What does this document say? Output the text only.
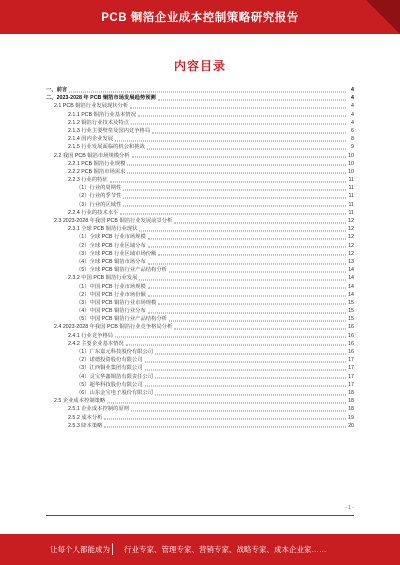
PCB 铜箔企业成本控制策略研究报告
内容目录
一、前言	4
二、2023-2028 年 PCB 铜箔市场发展趋势预测	4
2.1 PCB 铜箔行业发展现状分析	4
2.1.1 PCB 铜箔行业基本情况	4
2.1.2 铜箔行业技术及特点	4
2.1.3 行业主要壁垒及国内竞争格局	6
2.1.4 国内企业发展	8
2.1.5 行业发展面临的机会和挑战	9
2.2 我国 PCB 铜箔市场规模分析	10
2.2.1 PCB 铜箔行业规模	10
2.2.2 PCB 铜箔市场需求	10
2.2.3 行业的特征	11
（1）行业的周期性	11
（2）行业的季节性	11
（3）行业的区域性	11
2.2.4 行业的技术水平	11
2.3 2023-2028 年我国 PCB 铜箔行业发展前景分析	12
2.3.1 全球 PCB 铜箔行业现状	12
（1）全球 PCB 行业市场规模	12
（2）全球 PCB 行业区域分布	12
（3）全球 PCB 行业区域市场份额	12
（4）全球 PCB 铜箔市场分布	13
（5）全球 PCB 铜箔行业产品结构分析	14
2.3.2 中国 PCB 铜箔行业发展	14
（1）中国 PCB 行业市场规模	14
（2）中国 PCB 行业市场份额	14
（3）中国 PCB 铜箔行业市场规模	15
（4）中国 PCB 铜箔行业分布	15
（5）中国 PCB 铜箔行业产品结构分析	15
2.4 2023-2028 年我国 PCB 铜箔行业竞争格局分析	16
2.4.1 行业竞争格局	16
2.4.2 主要企业基本情况	16
（1）广东嘉元科技股份有限公司	16
（2）诺德投资股份有限公司	17
（3）江西铜业集团有限公司	17
（4）灵宝华鑫铜箔有限责任公司	17
（5）超华科技股份有限公司	17
（6）山东金宝电子股份有限公司	18
2.5 企业成本控制策略	18
2.5.1 企业成本控制的原则	18
2.5.2 成本分析	19
2.5.3 降本策略	20
- 1 -
让每个人都能成为 行业专家、管理专家、营销专家、战略专家、成本企业家……
